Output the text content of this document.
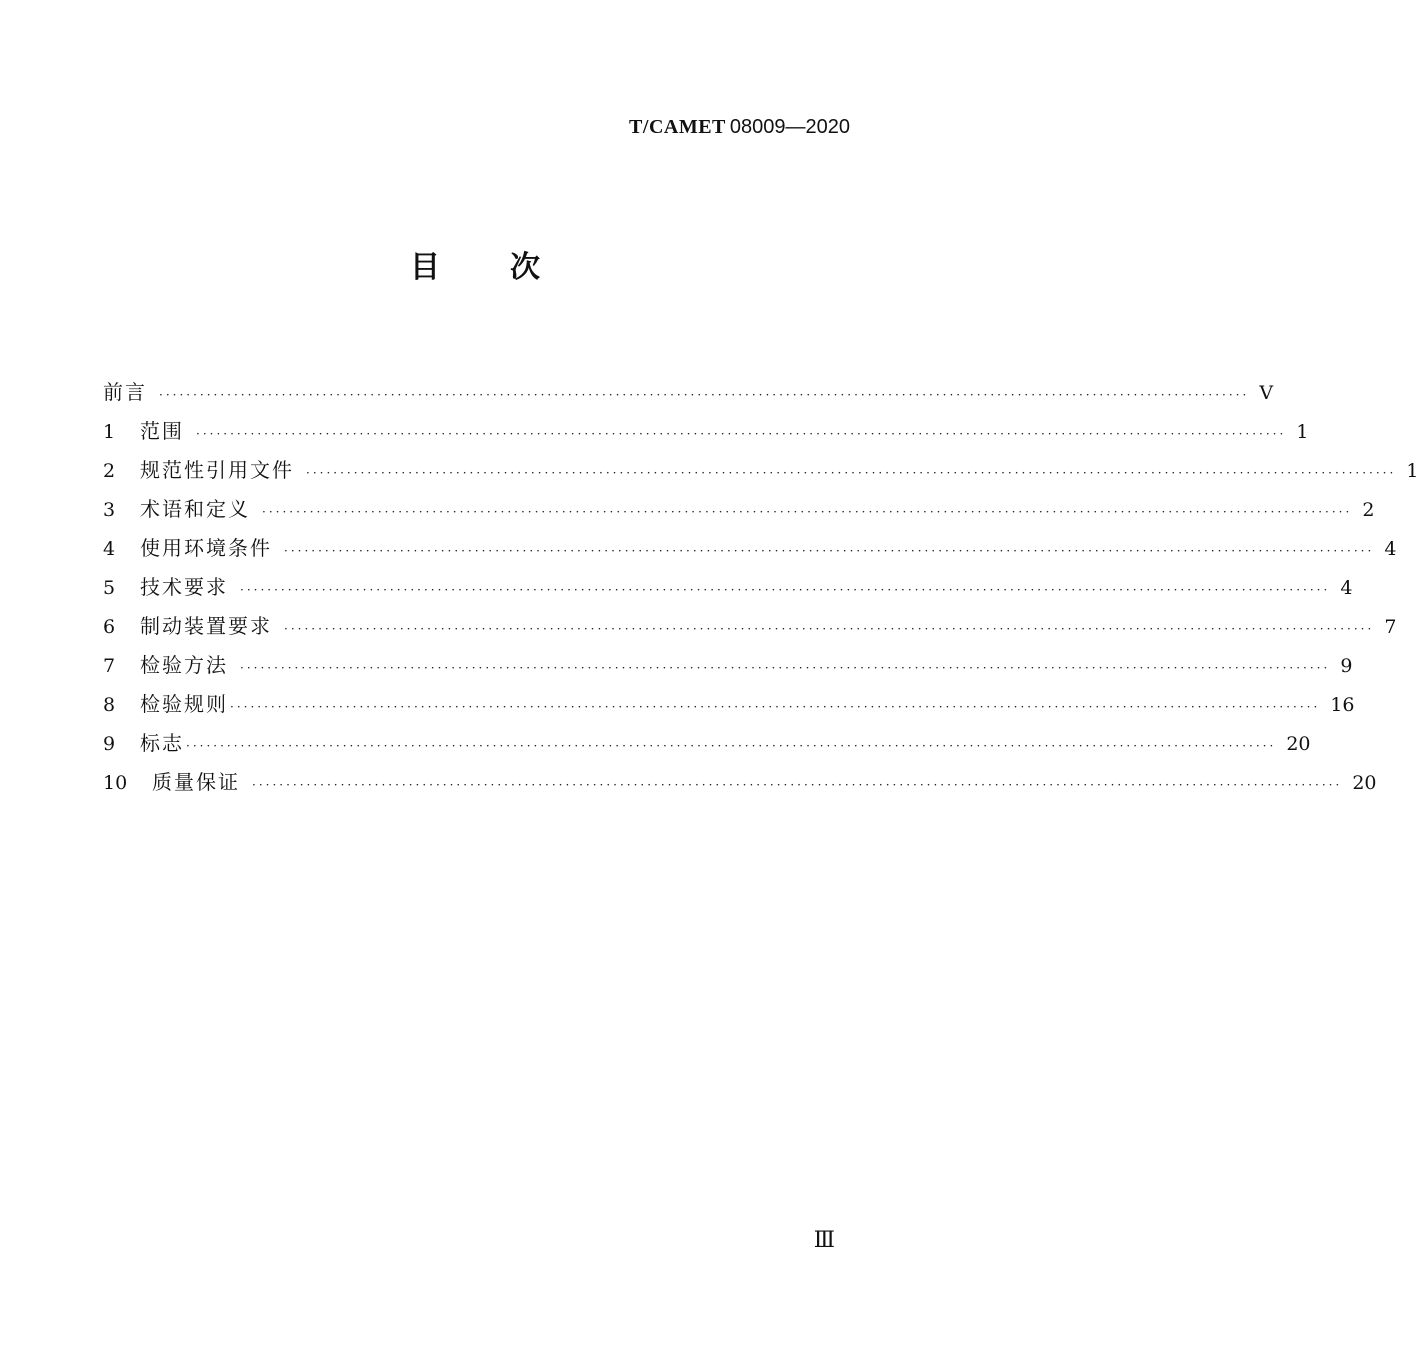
T/CAMET 08009—2020
目次
前言 ································································································································································ V
1	范围 ································································································································································ 1
2	规范性引用文件 ································································································································································ 1
3	术语和定义 ································································································································································ 2
4	使用环境条件 ································································································································································ 4
5	技术要求 ································································································································································ 4
6	制动装置要求 ································································································································································ 7
7	检验方法 ································································································································································ 9
8	检验规则 ································································································································································ 16
9	标志 ································································································································································ 20
10	质量保证 ································································································································································ 20
Ⅲ
